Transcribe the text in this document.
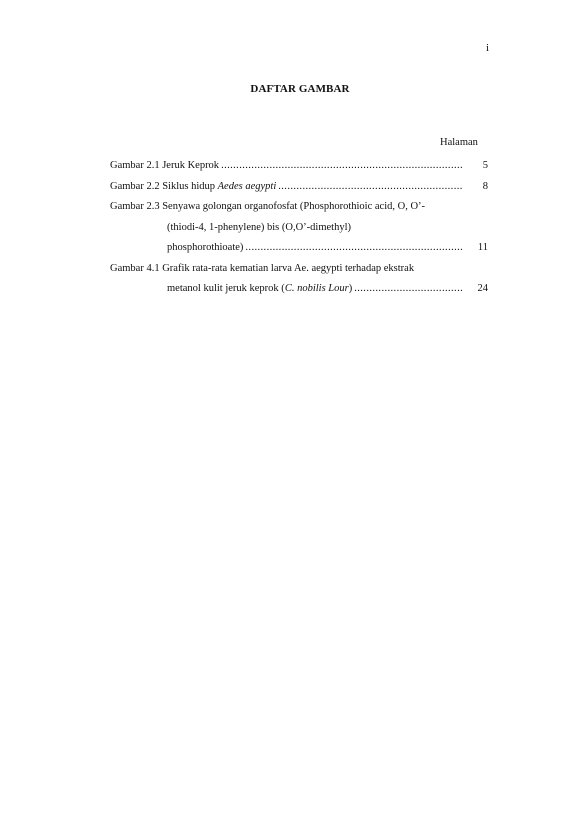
i
DAFTAR GAMBAR
Halaman
Gambar 2.1 Jeruk Keprok .....	5
Gambar 2.2 Siklus hidup Aedes aegypti .....	8
Gambar 2.3 Senyawa golongan organofosfat (Phosphorothioic acid, O, O’-
(thiodi-4, 1-phenylene) bis (O,O’-dimethyl)
phosphorothioate) .....	11
Gambar 4.1 Grafik rata-rata kematian larva Ae. aegypti terhadap ekstrak
metanol kulit jeruk keprok (C. nobilis Lour) .....	24
